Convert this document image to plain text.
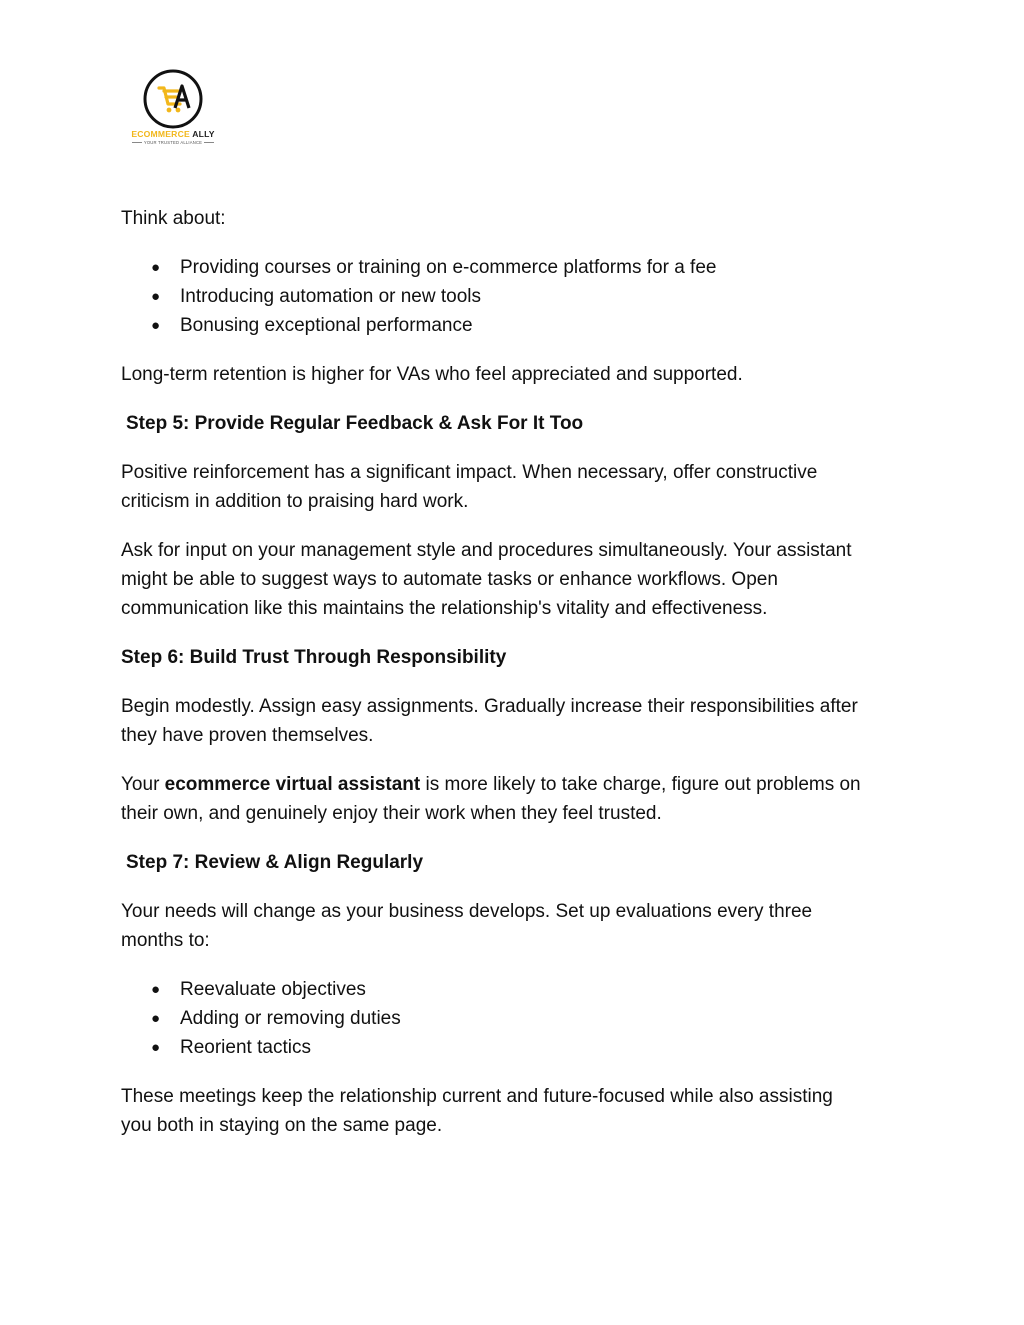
ECOMMERCE ALLY
YOUR TRUSTED ALLIANCE

Think about:

● Providing courses or training on e-commerce platforms for a fee
● Introducing automation or new tools
● Bonusing exceptional performance

Long-term retention is higher for VAs who feel appreciated and supported.

Step 5: Provide Regular Feedback & Ask For It Too

Positive reinforcement has a significant impact. When necessary, offer constructive

criticism in addition to praising hard work.

Ask for input on your management style and procedures simultaneously. Your assistant

might be able to suggest ways to automate tasks or enhance workflows. Open

communication like this maintains the relationship's vitality and effectiveness.

Step 6: Build Trust Through Responsibility

Begin modestly. Assign easy assignments. Gradually increase their responsibilities after

they have proven themselves.

Your ecommerce virtual assistant is more likely to take charge, figure out problems on

their own, and genuinely enjoy their work when they feel trusted.

Step 7: Review & Align Regularly

Your needs will change as your business develops. Set up evaluations every three

months to:

● Reevaluate objectives
● Adding or removing duties
● Reorient tactics

These meetings keep the relationship current and future-focused while also assisting

you both in staying on the same page.
